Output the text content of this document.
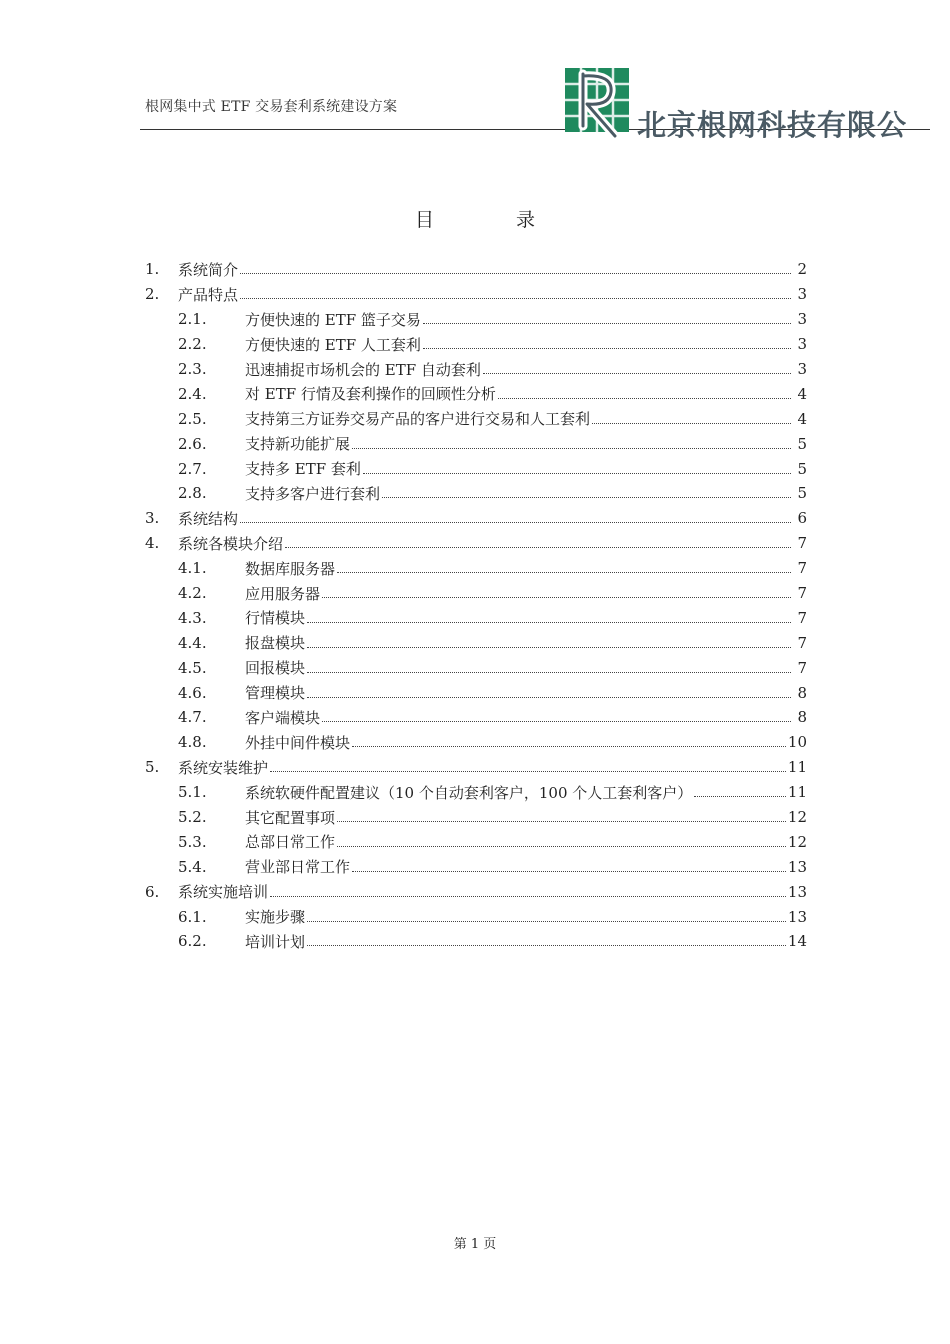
根网集中式 ETF 交易套利系统建设方案
北京根网科技有限公
目 录
1.	系统简介	2
2.	产品特点	3
2.1.	方便快速的 ETF 篮子交易	3
2.2.	方便快速的 ETF 人工套利	3
2.3.	迅速捕捉市场机会的 ETF 自动套利	3
2.4.	对 ETF 行情及套利操作的回顾性分析	4
2.5.	支持第三方证券交易产品的客户进行交易和人工套利	4
2.6.	支持新功能扩展	5
2.7.	支持多 ETF 套利	5
2.8.	支持多客户进行套利	5
3.	系统结构	6
4.	系统各模块介绍	7
4.1.	数据库服务器	7
4.2.	应用服务器	7
4.3.	行情模块	7
4.4.	报盘模块	7
4.5.	回报模块	7
4.6.	管理模块	8
4.7.	客户端模块	8
4.8.	外挂中间件模块	10
5.	系统安装维护	11
5.1.	系统软硬件配置建议（10 个自动套利客户，100 个人工套利客户）	11
5.2.	其它配置事项	12
5.3.	总部日常工作	12
5.4.	营业部日常工作	13
6.	系统实施培训	13
6.1.	实施步骤	13
6.2.	培训计划	14
第 1 页
